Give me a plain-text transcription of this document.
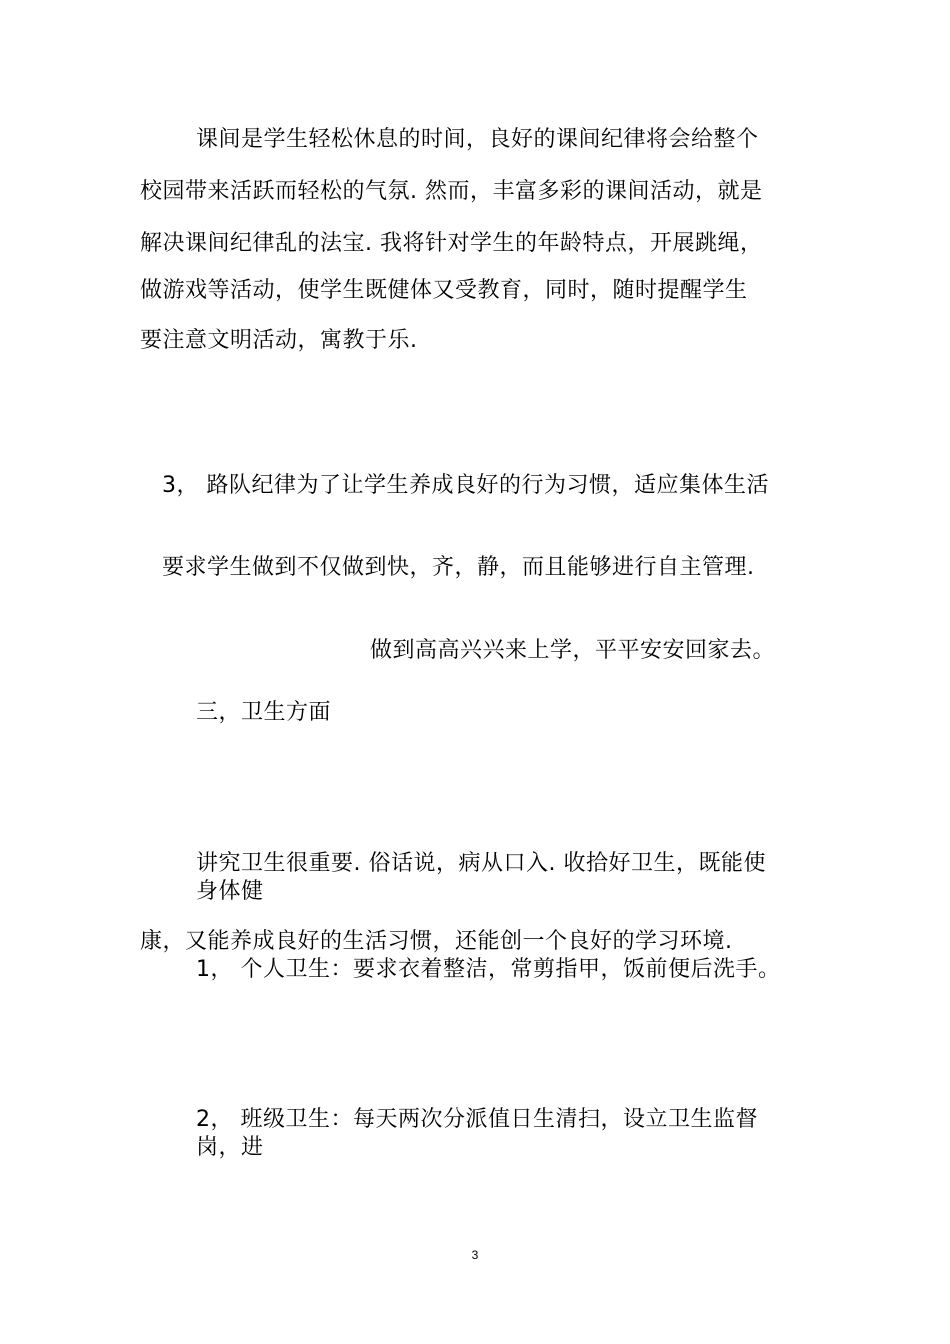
课间是学生轻松休息的时间，良好的课间纪律将会给整个
校园带来活跃而轻松的气氛. 然而，丰富多彩的课间活动，就是
解决课间纪律乱的法宝. 我将针对学生的年龄特点，开展跳绳，
做游戏等活动，使学生既健体又受教育，同时，随时提醒学生
要注意文明活动，寓教于乐.
3， 路队纪律为了让学生养成良好的行为习惯，适应集体生活
要求学生做到不仅做到快，齐，静，而且能够进行自主管理.
做到高高兴兴来上学，平平安安回家去。
三，卫生方面
讲究卫生很重要. 俗话说，病从口入. 收拾好卫生，既能使
身体健
康，又能养成良好的生活习惯，还能创一个良好的学习环境.
1， 个人卫生：要求衣着整洁，常剪指甲，饭前便后洗手。
2， 班级卫生：每天两次分派值日生清扫，设立卫生监督
岗，进
3
